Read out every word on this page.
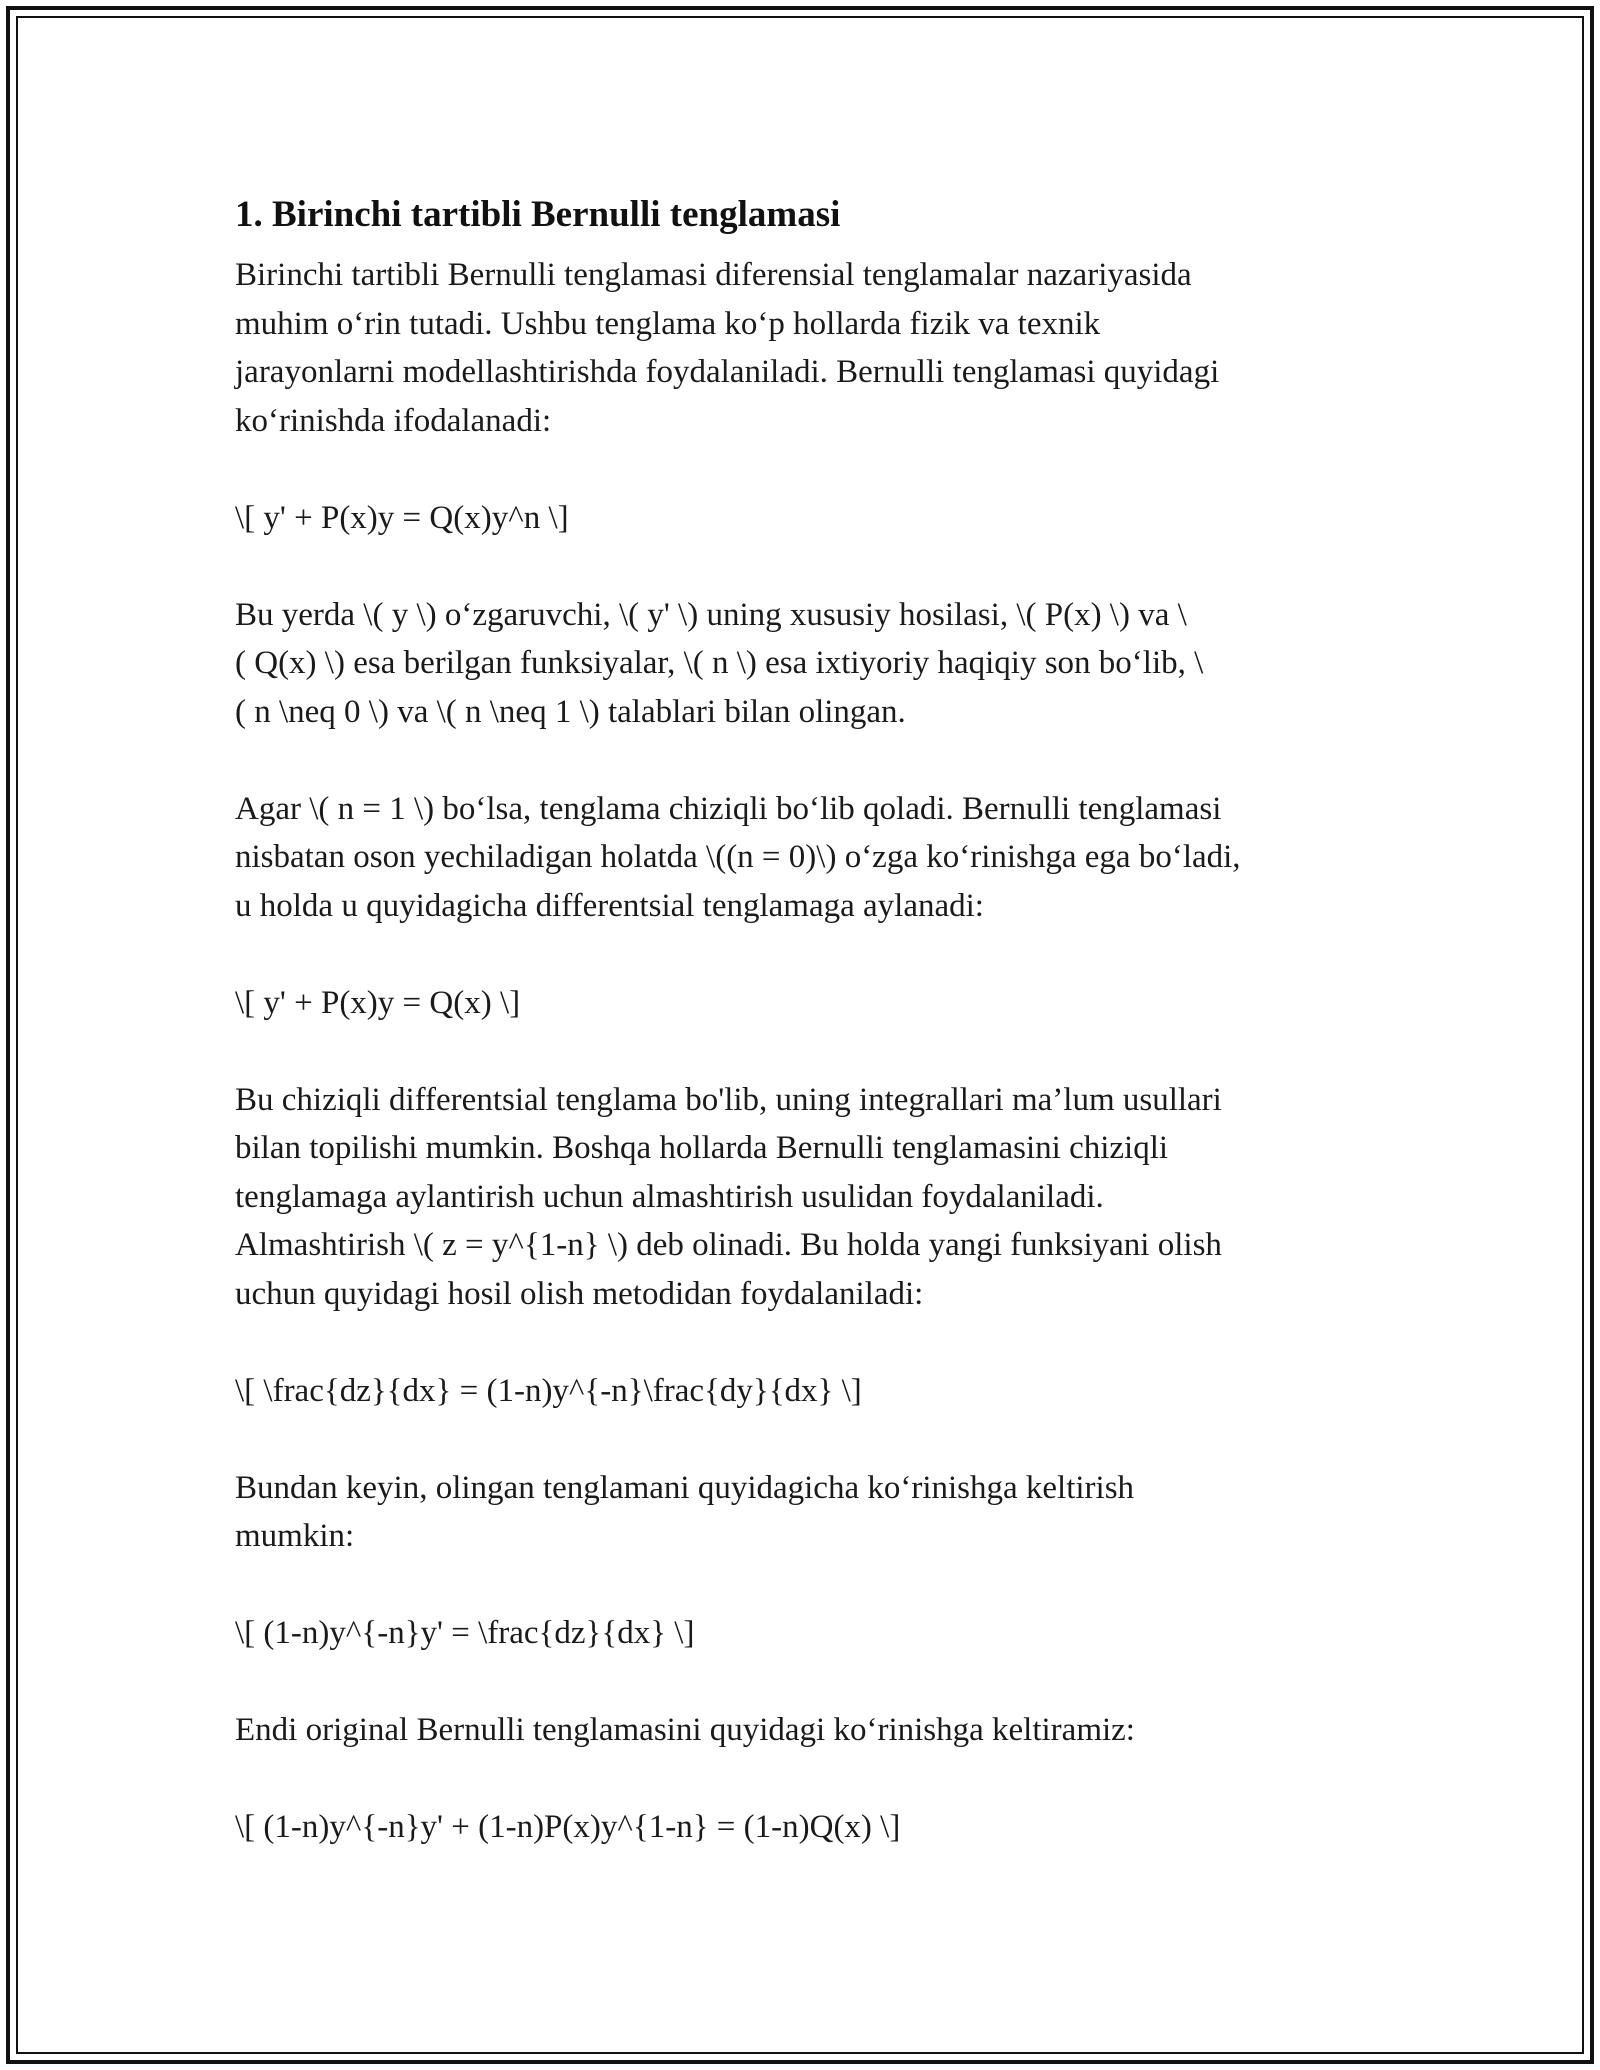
1. Birinchi tartibli Bernulli tenglamasi

Birinchi tartibli Bernulli tenglamasi diferensial tenglamalar nazariyasida
muhim o‘rin tutadi. Ushbu tenglama ko‘p hollarda fizik va texnik
jarayonlarni modellashtirishda foydalaniladi. Bernulli tenglamasi quyidagi
ko‘rinishda ifodalanadi:

\[ y' + P(x)y = Q(x)y^n \]

Bu yerda \( y \) o‘zgaruvchi, \( y' \) uning xususiy hosilasi, \( P(x) \) va \
( Q(x) \) esa berilgan funksiyalar, \( n \) esa ixtiyoriy haqiqiy son bo‘lib, \
( n \neq 0 \) va \( n \neq 1 \) talablari bilan olingan.

Agar \( n = 1 \) bo‘lsa, tenglama chiziqli bo‘lib qoladi. Bernulli tenglamasi
nisbatan oson yechiladigan holatda \((n = 0)\) o‘zga ko‘rinishga ega bo‘ladi,
u holda u quyidagicha differentsial tenglamaga aylanadi:

\[ y' + P(x)y = Q(x) \]

Bu chiziqli differentsial tenglama bo'lib, uning integrallari ma’lum usullari
bilan topilishi mumkin. Boshqa hollarda Bernulli tenglamasini chiziqli
tenglamaga aylantirish uchun almashtirish usulidan foydalaniladi.
Almashtirish \( z = y^{1-n} \) deb olinadi. Bu holda yangi funksiyani olish
uchun quyidagi hosil olish metodidan foydalaniladi:

\[ \frac{dz}{dx} = (1-n)y^{-n}\frac{dy}{dx} \]

Bundan keyin, olingan tenglamani quyidagicha ko‘rinishga keltirish
mumkin:

\[ (1-n)y^{-n}y' = \frac{dz}{dx} \]

Endi original Bernulli tenglamasini quyidagi ko‘rinishga keltiramiz:

\[ (1-n)y^{-n}y' + (1-n)P(x)y^{1-n} = (1-n)Q(x) \]
